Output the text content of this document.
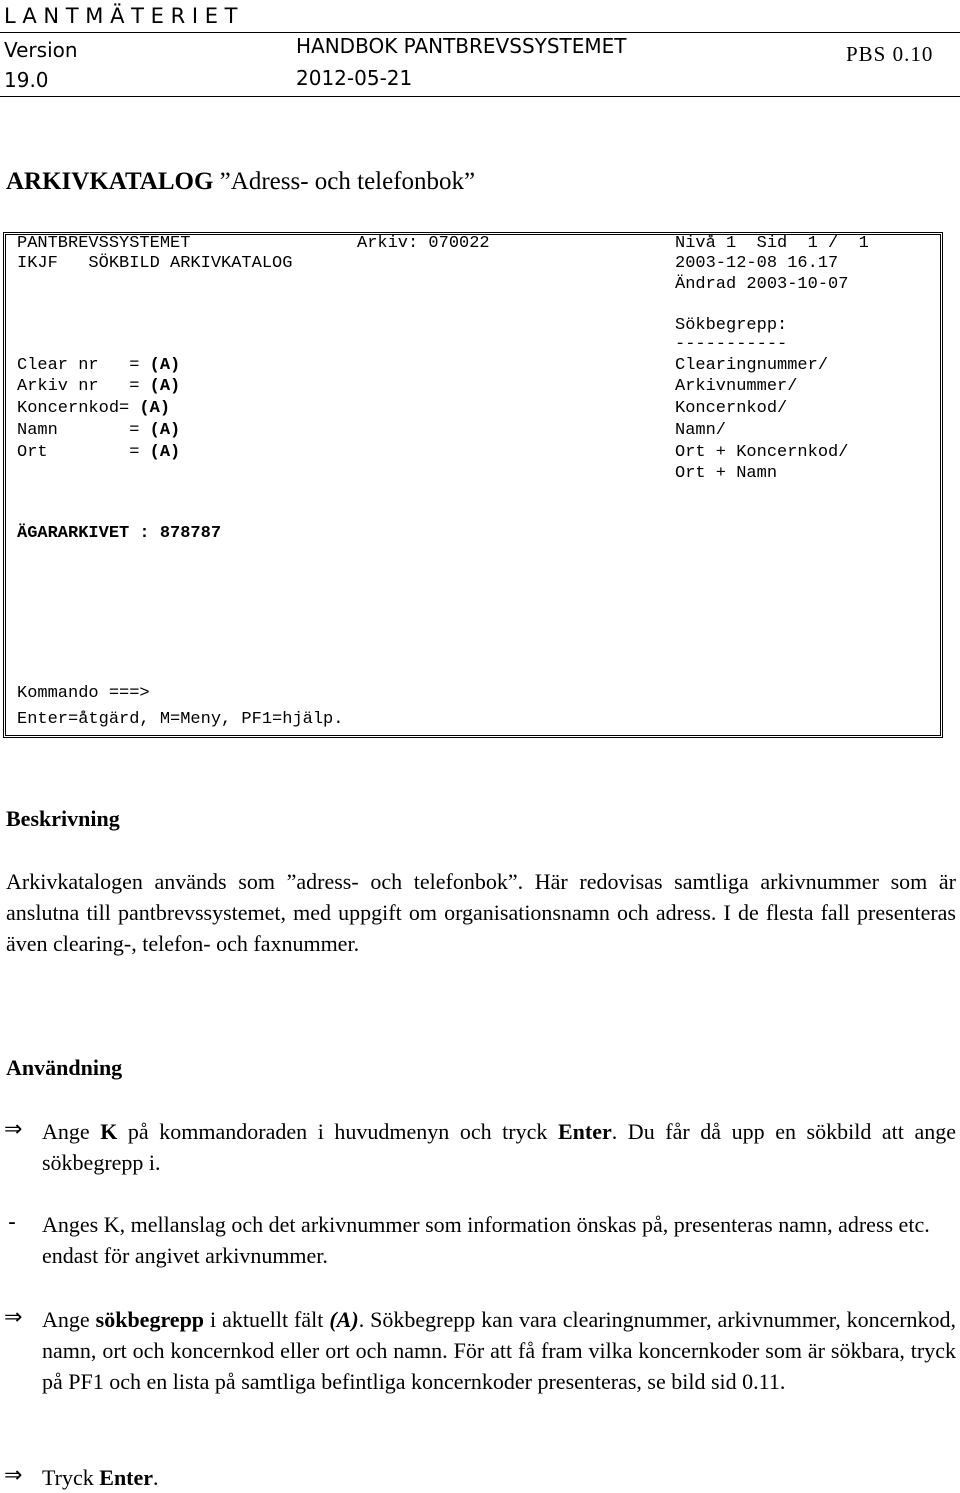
L A N T M Ä T E R I E T
Version
19.0
HANDBOK PANTBREVSSYSTEMET
2012-05-21
PBS 0.10
ARKIVKATALOG ”Adress- och telefonbok”
PANTBREVSSYSTEMET	Arkiv: 070022	Nivå 1  Sid  1 /  1
IKJF   SÖKBILD ARKIVKATALOG	2003-12-08 16.17
Ändrad 2003-10-07
Sökbegrepp:
-----------
Clear nr   = (A)	Clearingnummer/
Arkiv nr   = (A)	Arkivnummer/
Koncernkod= (A)	Koncernkod/
Namn       = (A)	Namn/
Ort        = (A)	Ort + Koncernkod/
Ort + Namn
ÄGARARKIVET : 878787
Kommando ===>
Enter=åtgärd, M=Meny, PF1=hjälp.
Beskrivning
Arkivkatalogen används som ”adress- och telefonbok”. Här redovisas samtliga arkivnummer som är anslutna till pantbrevssystemet, med uppgift om organisationsnamn och adress. I de flesta fall presenteras även clearing-, telefon- och faxnummer.
Användning
⇒ Ange K på kommandoraden i huvudmenyn och tryck Enter. Du får då upp en sökbild att ange sökbegrepp i.
- Anges K, mellanslag och det arkivnummer som information önskas på, presenteras namn, adress etc. endast för angivet arkivnummer.
⇒ Ange sökbegrepp i aktuellt fält (A). Sökbegrepp kan vara clearingnummer, arkivnummer, koncernkod, namn, ort och koncernkod eller ort och namn. För att få fram vilka koncernkoder som är sökbara, tryck på PF1 och en lista på samtliga befintliga koncernkoder presenteras, se bild sid 0.11.
⇒ Tryck Enter.
